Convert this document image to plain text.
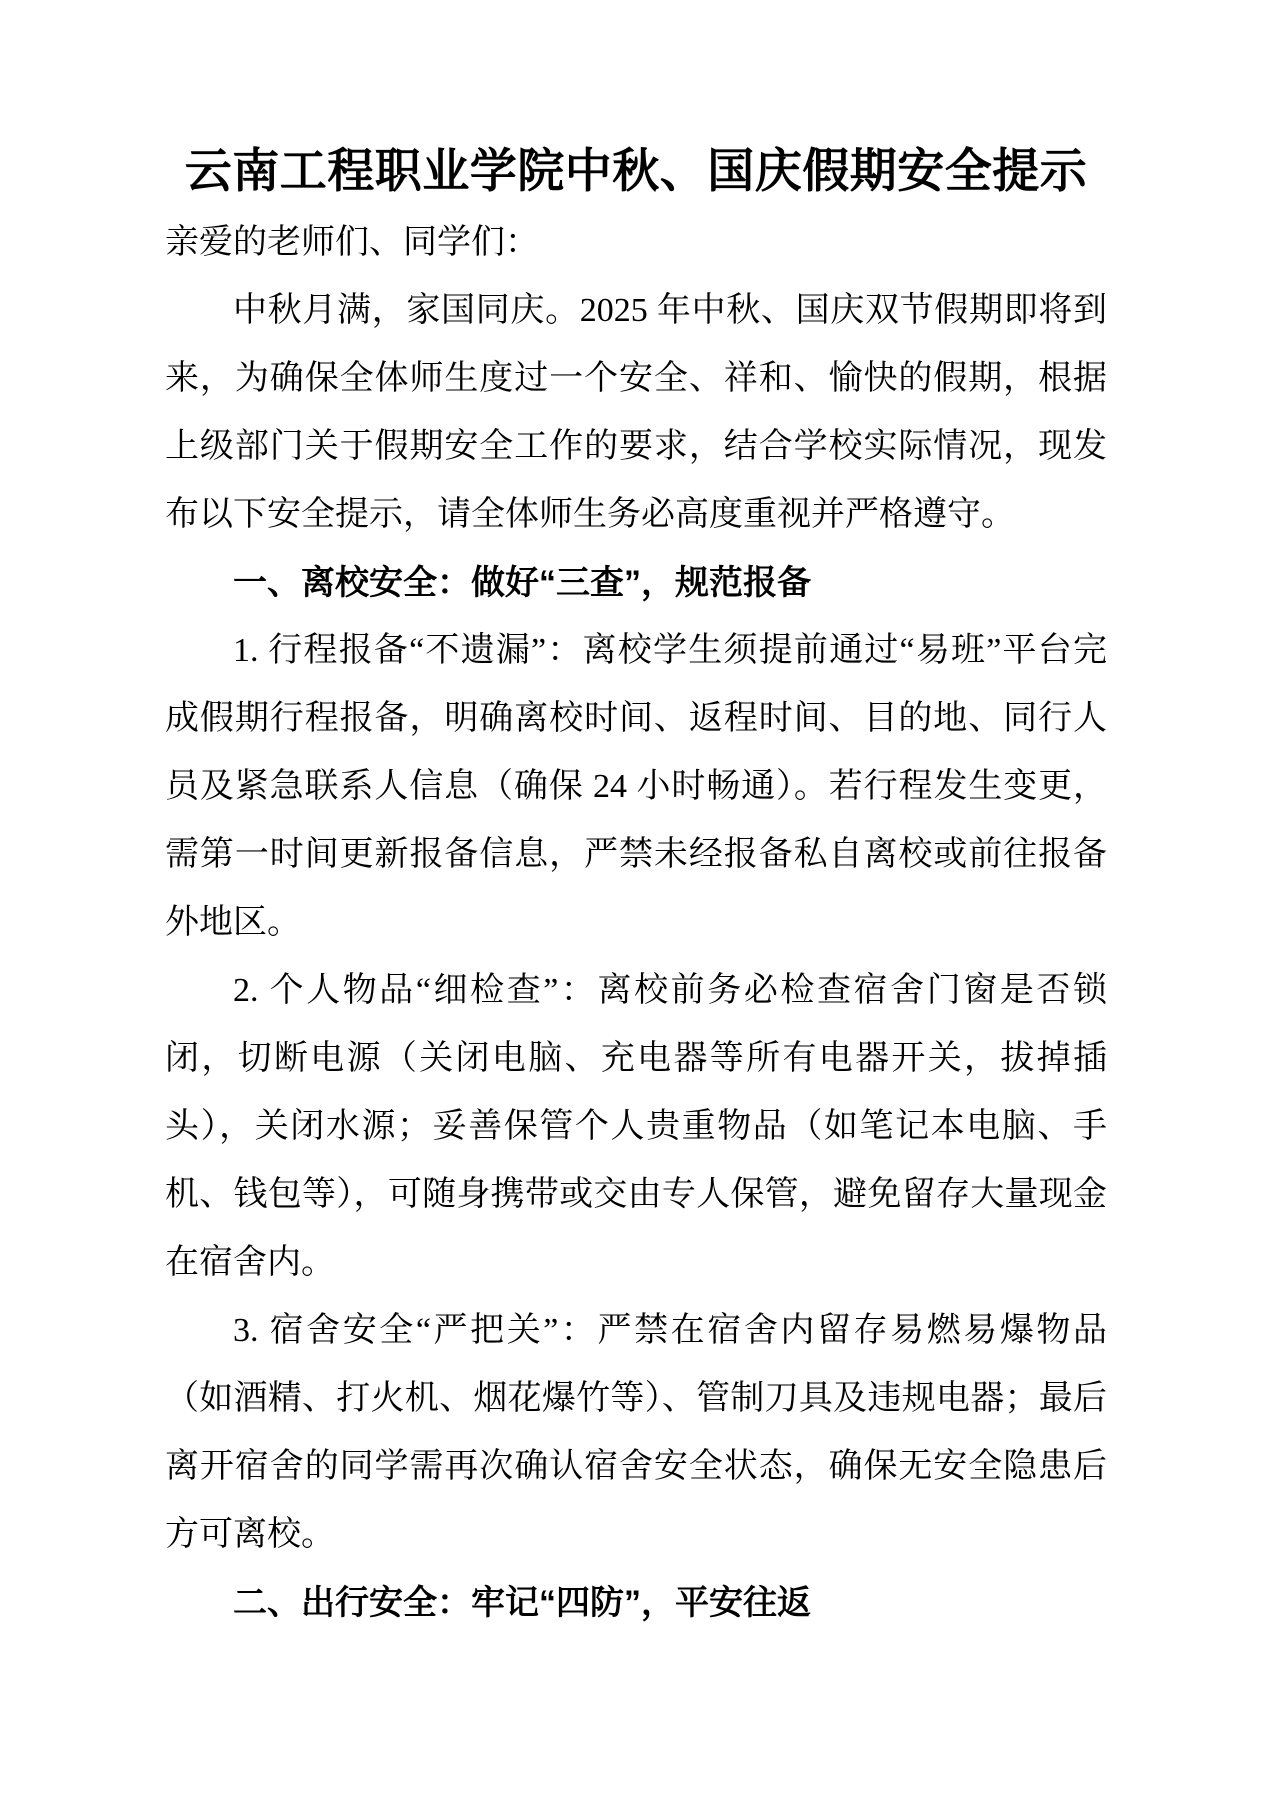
云南工程职业学院中秋、国庆假期安全提示

亲爱的老师们、同学们：

中秋月满，家国同庆。2025 年中秋、国庆双节假期即将到来，为确保全体师生度过一个安全、祥和、愉快的假期，根据上级部门关于假期安全工作的要求，结合学校实际情况，现发布以下安全提示，请全体师生务必高度重视并严格遵守。

一、离校安全：做好“三查”，规范报备

1. 行程报备“不遗漏”：离校学生须提前通过“易班”平台完成假期行程报备，明确离校时间、返程时间、目的地、同行人员及紧急联系人信息（确保 24 小时畅通）。若行程发生变更，需第一时间更新报备信息，严禁未经报备私自离校或前往报备外地区。

2. 个人物品“细检查”：离校前务必检查宿舍门窗是否锁闭，切断电源（关闭电脑、充电器等所有电器开关，拔掉插头），关闭水源；妥善保管个人贵重物品（如笔记本电脑、手机、钱包等），可随身携带或交由专人保管，避免留存大量现金在宿舍内。

3. 宿舍安全“严把关”：严禁在宿舍内留存易燃易爆物品（如酒精、打火机、烟花爆竹等）、管制刀具及违规电器；最后离开宿舍的同学需再次确认宿舍安全状态，确保无安全隐患后方可离校。

二、出行安全：牢记“四防”，平安往返
